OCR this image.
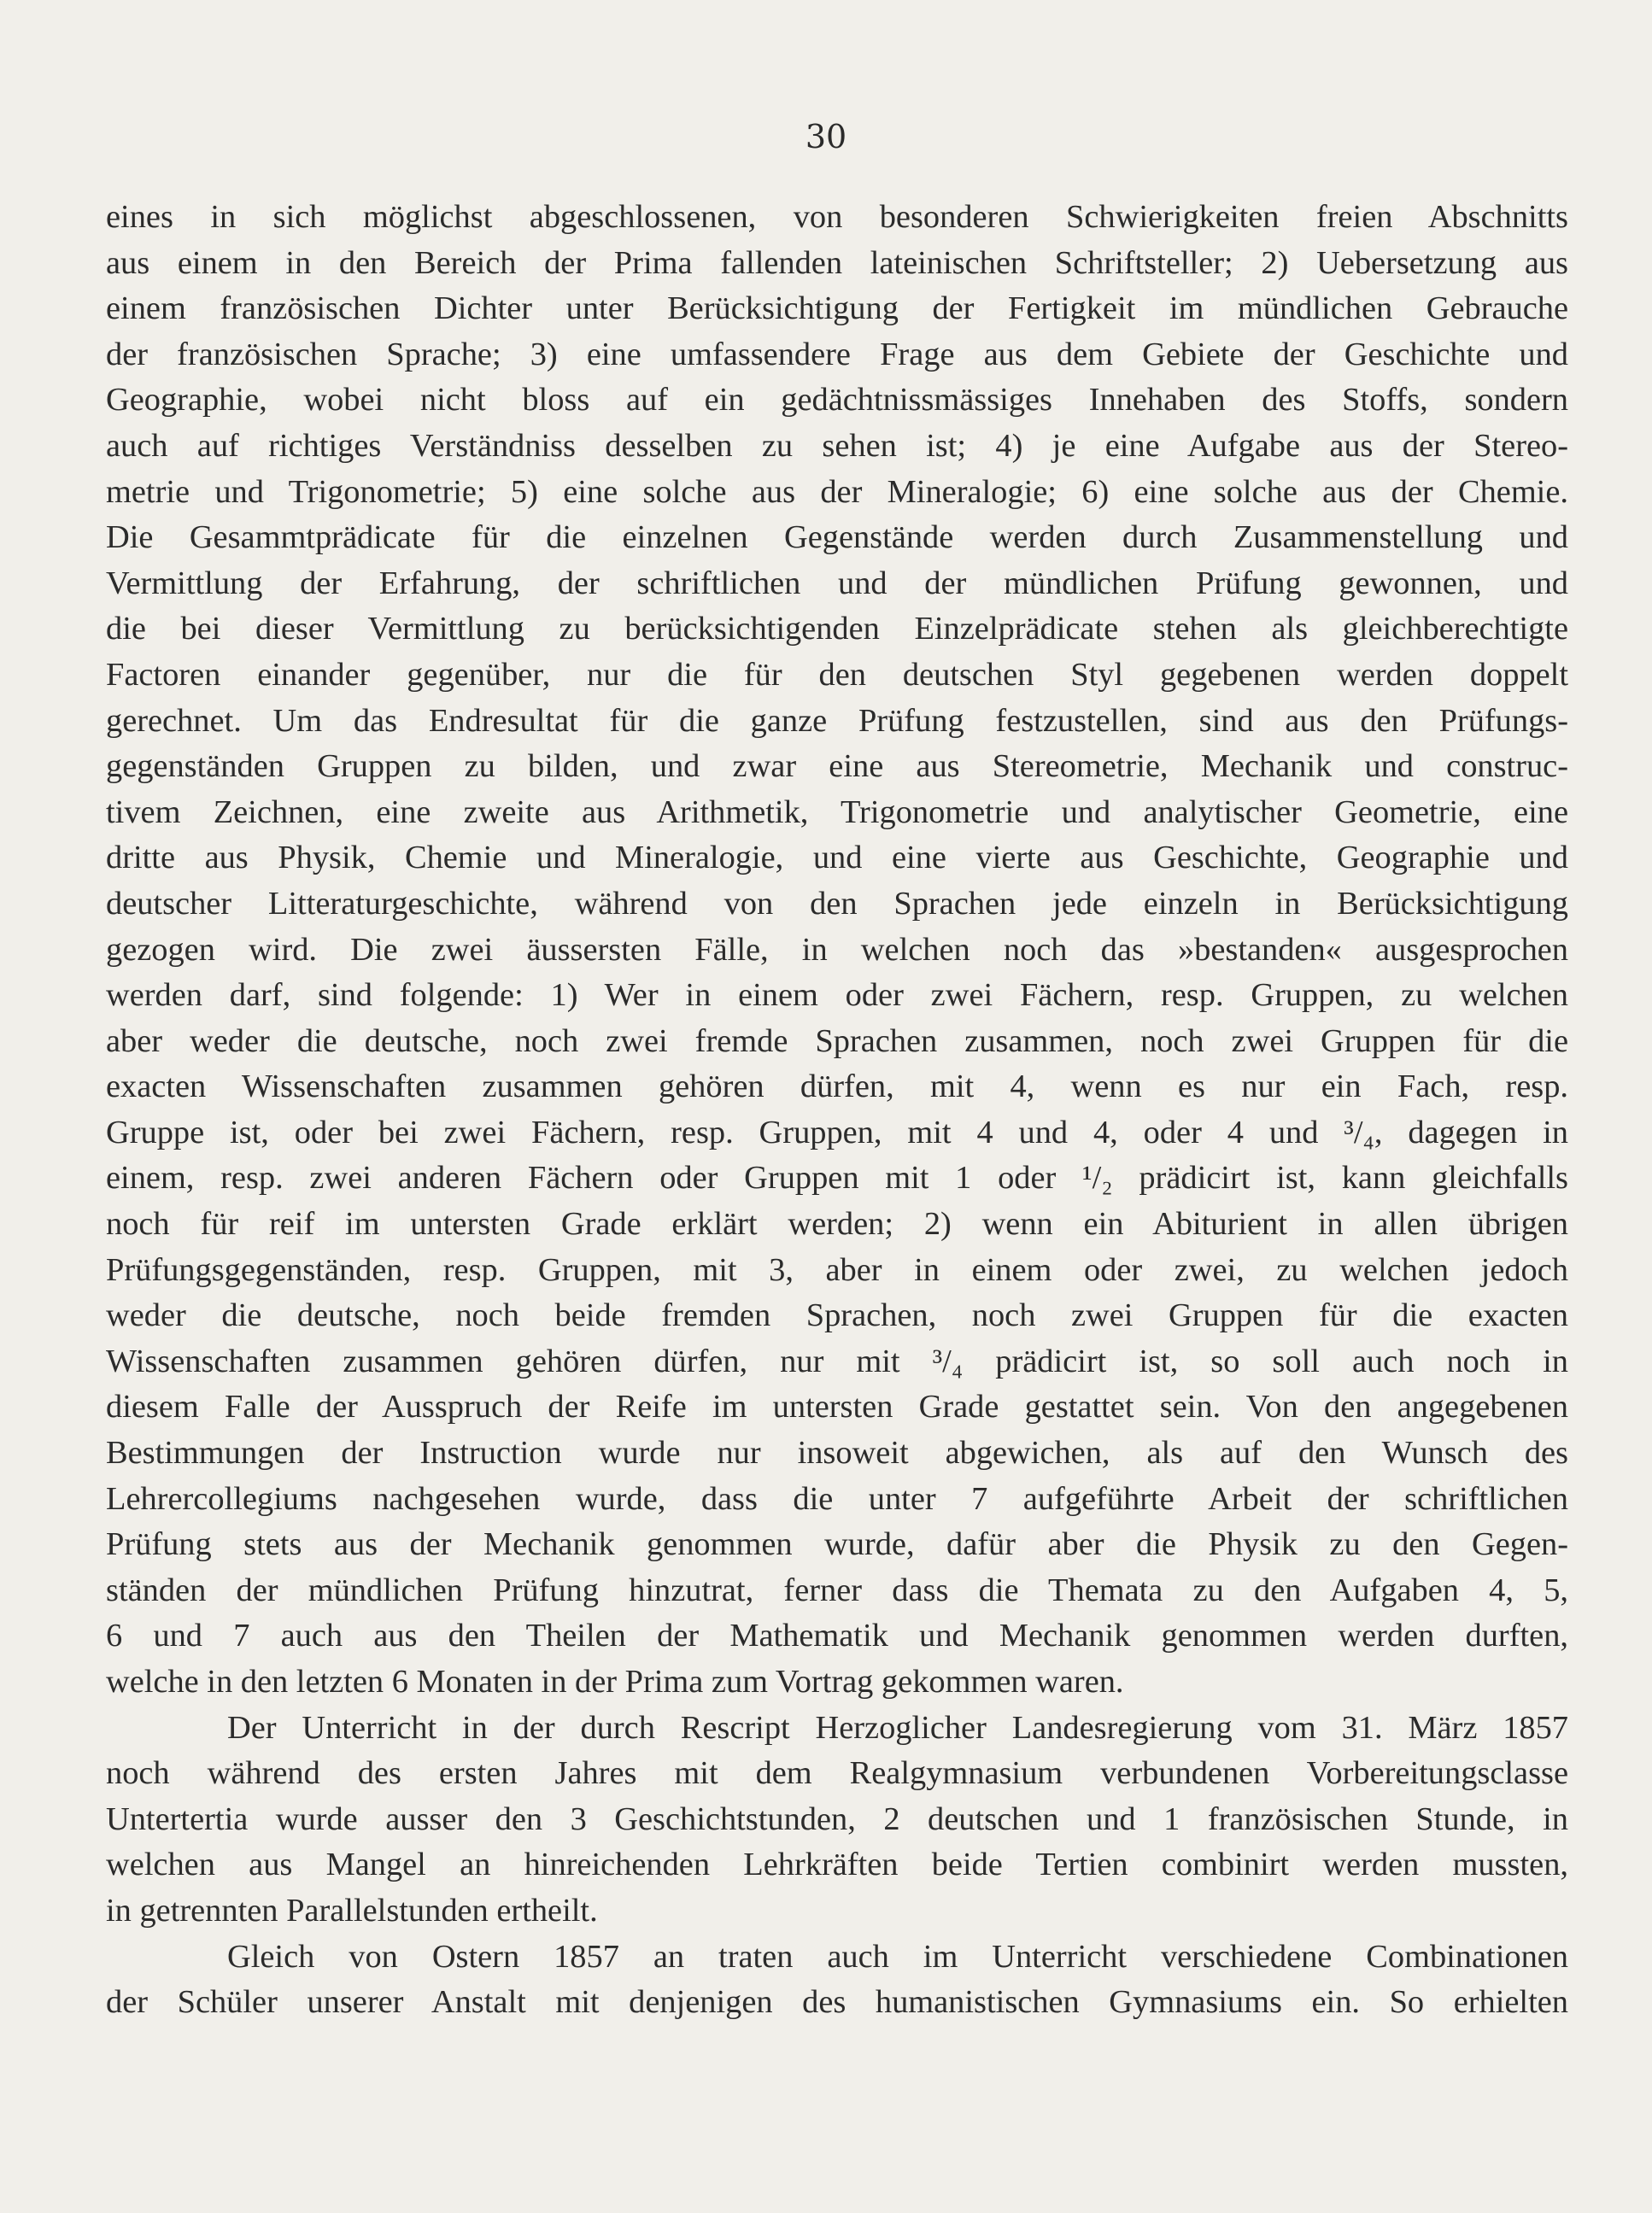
30
eines in sich möglichst abgeschlossenen, von besonderen Schwierigkeiten freien Abschnitts
aus einem in den Bereich der Prima fallenden lateinischen Schriftsteller; 2) Uebersetzung aus
einem französischen Dichter unter Berücksichtigung der Fertigkeit im mündlichen Gebrauche
der französischen Sprache; 3) eine umfassendere Frage aus dem Gebiete der Geschichte und
Geographie, wobei nicht bloss auf ein gedächtnissmässiges Innehaben des Stoffs, sondern
auch auf richtiges Verständniss desselben zu sehen ist; 4) je eine Aufgabe aus der Stereo-
metrie und Trigonometrie; 5) eine solche aus der Mineralogie; 6) eine solche aus der Chemie.
Die Gesammtprädicate für die einzelnen Gegenstände werden durch Zusammenstellung und
Vermittlung der Erfahrung, der schriftlichen und der mündlichen Prüfung gewonnen, und
die bei dieser Vermittlung zu berücksichtigenden Einzelprädicate stehen als gleichberechtigte
Factoren einander gegenüber, nur die für den deutschen Styl gegebenen werden doppelt
gerechnet. Um das Endresultat für die ganze Prüfung festzustellen, sind aus den Prüfungs-
gegenständen Gruppen zu bilden, und zwar eine aus Stereometrie, Mechanik und construc-
tivem Zeichnen, eine zweite aus Arithmetik, Trigonometrie und analytischer Geometrie, eine
dritte aus Physik, Chemie und Mineralogie, und eine vierte aus Geschichte, Geographie und
deutscher Litteraturgeschichte, während von den Sprachen jede einzeln in Berücksichtigung
gezogen wird. Die zwei äussersten Fälle, in welchen noch das »bestanden« ausgesprochen
werden darf, sind folgende: 1) Wer in einem oder zwei Fächern, resp. Gruppen, zu welchen
aber weder die deutsche, noch zwei fremde Sprachen zusammen, noch zwei Gruppen für die
exacten Wissenschaften zusammen gehören dürfen, mit 4, wenn es nur ein Fach, resp.
Gruppe ist, oder bei zwei Fächern, resp. Gruppen, mit 4 und 4, oder 4 und ³/₄, dagegen in
einem, resp. zwei anderen Fächern oder Gruppen mit 1 oder ¹/₂ prädicirt ist, kann gleichfalls
noch für reif im untersten Grade erklärt werden; 2) wenn ein Abiturient in allen übrigen
Prüfungsgegenständen, resp. Gruppen, mit 3, aber in einem oder zwei, zu welchen jedoch
weder die deutsche, noch beide fremden Sprachen, noch zwei Gruppen für die exacten
Wissenschaften zusammen gehören dürfen, nur mit ³/₄ prädicirt ist, so soll auch noch in
diesem Falle der Ausspruch der Reife im untersten Grade gestattet sein. Von den angegebenen
Bestimmungen der Instruction wurde nur insoweit abgewichen, als auf den Wunsch des
Lehrercollegiums nachgesehen wurde, dass die unter 7 aufgeführte Arbeit der schriftlichen
Prüfung stets aus der Mechanik genommen wurde, dafür aber die Physik zu den Gegen-
ständen der mündlichen Prüfung hinzutrat, ferner dass die Themata zu den Aufgaben 4, 5,
6 und 7 auch aus den Theilen der Mathematik und Mechanik genommen werden durften,
welche in den letzten 6 Monaten in der Prima zum Vortrag gekommen waren.
Der Unterricht in der durch Rescript Herzoglicher Landesregierung vom 31. März 1857
noch während des ersten Jahres mit dem Realgymnasium verbundenen Vorbereitungsclasse
Untertertia wurde ausser den 3 Geschichtstunden, 2 deutschen und 1 französischen Stunde, in
welchen aus Mangel an hinreichenden Lehrkräften beide Tertien combinirt werden mussten,
in getrennten Parallelstunden ertheilt.
Gleich von Ostern 1857 an traten auch im Unterricht verschiedene Combinationen
der Schüler unserer Anstalt mit denjenigen des humanistischen Gymnasiums ein. So erhielten
